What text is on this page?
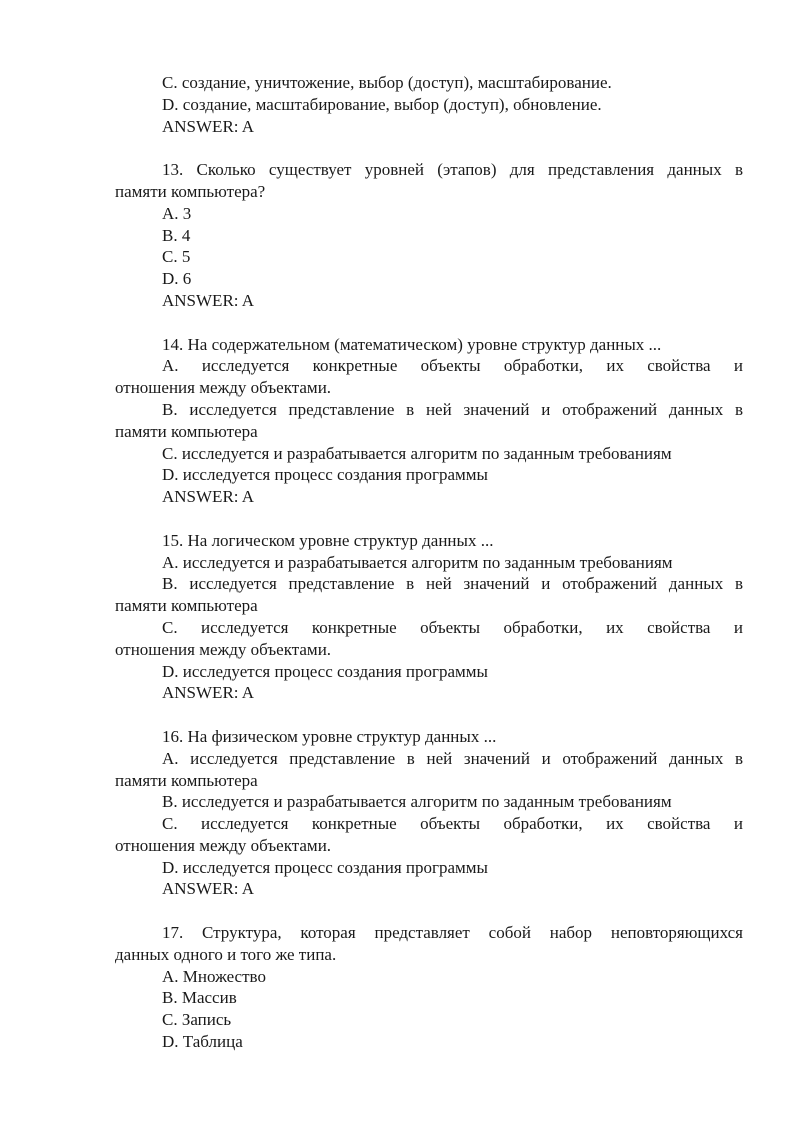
C. создание, уничтожение, выбор (доступ), масштабирование.
D. создание, масштабирование, выбор (доступ), обновление.
ANSWER: A
13. Сколько существует уровней (этапов) для представления данных в
памяти компьютера?
A. 3
B. 4
C. 5
D. 6
ANSWER: A
14. На содержательном (математическом) уровне структур данных ...
A. исследуется конкретные объекты обработки, их свойства и
отношения между объектами.
B. исследуется представление в ней значений и отображений данных в
памяти компьютера
C. исследуется и разрабатывается алгоритм по заданным требованиям
D. исследуется процесс создания программы
ANSWER: A
15. На логическом уровне структур данных ...
A. исследуется и разрабатывается алгоритм по заданным требованиям
B. исследуется представление в ней значений и отображений данных в
памяти компьютера
C. исследуется конкретные объекты обработки, их свойства и
отношения между объектами.
D. исследуется процесс создания программы
ANSWER: A
16. На физическом уровне структур данных ...
A. исследуется представление в ней значений и отображений данных в
памяти компьютера
B. исследуется и разрабатывается алгоритм по заданным требованиям
C. исследуется конкретные объекты обработки, их свойства и
отношения между объектами.
D. исследуется процесс создания программы
ANSWER: A
17. Структура, которая представляет собой набор неповторяющихся
данных одного и того же типа.
A. Множество
B. Массив
C. Запись
D. Таблица
